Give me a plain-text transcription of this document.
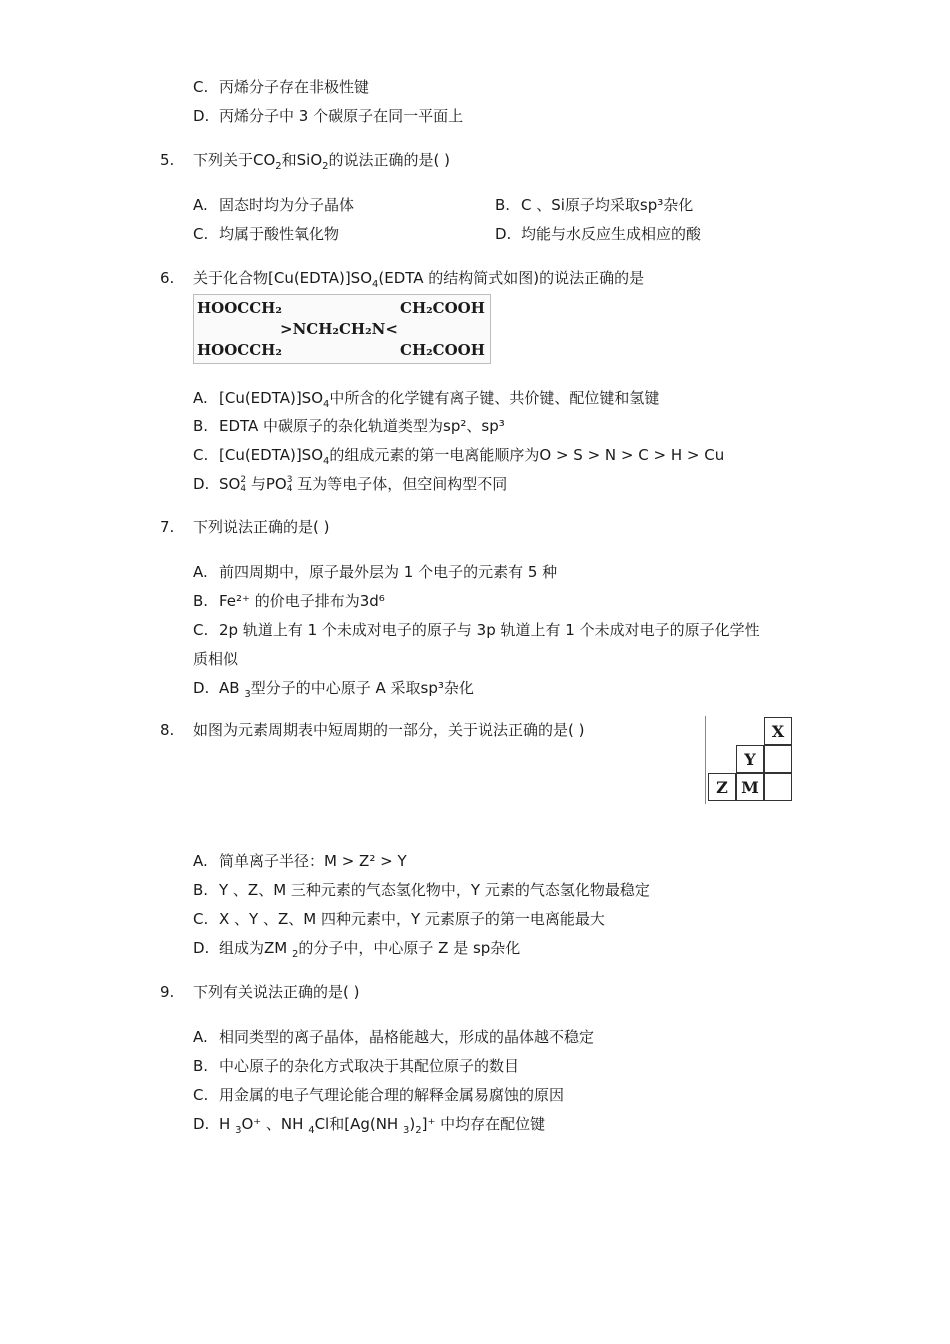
C. 丙烯分子存在非极性键
D. 丙烯分子中 3 个碳原子在同一平面上
5.	下列关于$CO_2$和SiO$_2$的说法正确的是( )
A. 固态时均为分子晶体	B. C 、Si原子均采取sp³杂化
C. 均属于酸性氧化物	D. 均能与水反应生成相应的酸
6.	关于化合物$[Cu(EDTA)]SO_4(EDTA$ 的结构简式如图)的说法正确的是
HOOCCH₂
HOOCCH₂
>NCH₂CH₂N<
CH₂COOH
CH₂COOH
A. $[Cu(EDTA)]SO_4$中所含的化学键有离子键、共价键、配位键和氢键
B. EDTA 中碳原子的杂化轨道类型为sp²、sp³
C. $[Cu(EDTA)]SO_4$的组成元素的第一电离能顺序为O > S > N > C > H > Cu
D. SO 2
4 与PO 3
4 互为等电子体，但空间构型不同
7.	下列说法正确的是( )
A. 前四周期中，原子最外层为 1 个电子的元素有 5 种
B. Fe²⁺ 的价电子排布为3d⁶
C. 2p 轨道上有 1 个未成对电子的原子与 3p 轨道上有 1 个未成对电子的原子化学性
质相似
D. AB $_3$型分子的中心原子 A 采取sp³杂化
8.	如图为元素周期表中短周期的一部分，关于说法正确的是( )	X
Y
Z M
A. 简单离子半径：M > Z² > Y
B. Y 、Z、M 三种元素的气态氢化物中，Y 元素的气态氢化物最稳定
C. X 、Y 、Z、M 四种元素中，Y 元素原子的第一电离能最大
D. 组成为ZM $_2$的分子中，中心原子 Z 是 sp杂化
9.	下列有关说法正确的是( )
A. 相同类型的离子晶体，晶格能越大，形成的晶体越不稳定
B. 中心原子的杂化方式取决于其配位原子的数目
C. 用金属的电子气理论能合理的解释金属易腐蚀的原因
D. H $_3$O⁺ 、NH $_4$Cl和[Ag(NH $_3)_2]^+$ 中均存在配位键
